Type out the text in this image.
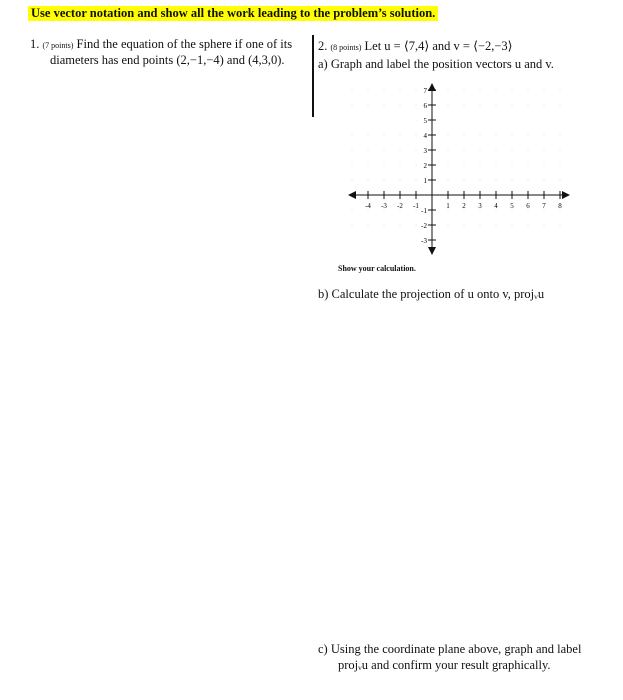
Use vector notation and show all the work leading to the problem’s solution.
1. (7 points) Find the equation of the sphere if one of its
diameters has end points (2,−1,−4) and (4,3,0).
2. (8 points) Let u = ⟨7,4⟩ and v = ⟨−2,−3⟩
a) Graph and label the position vectors u and v.
-4 -3 -2 -1	1 2 3 4 5 6 7 8
7
6
5
4
3
2
1
-1
-2
-3
Show your calculation.
b) Calculate the projection of u onto v, projᵥu
c) Using the coordinate plane above, graph and label
projᵥu and confirm your result graphically.
